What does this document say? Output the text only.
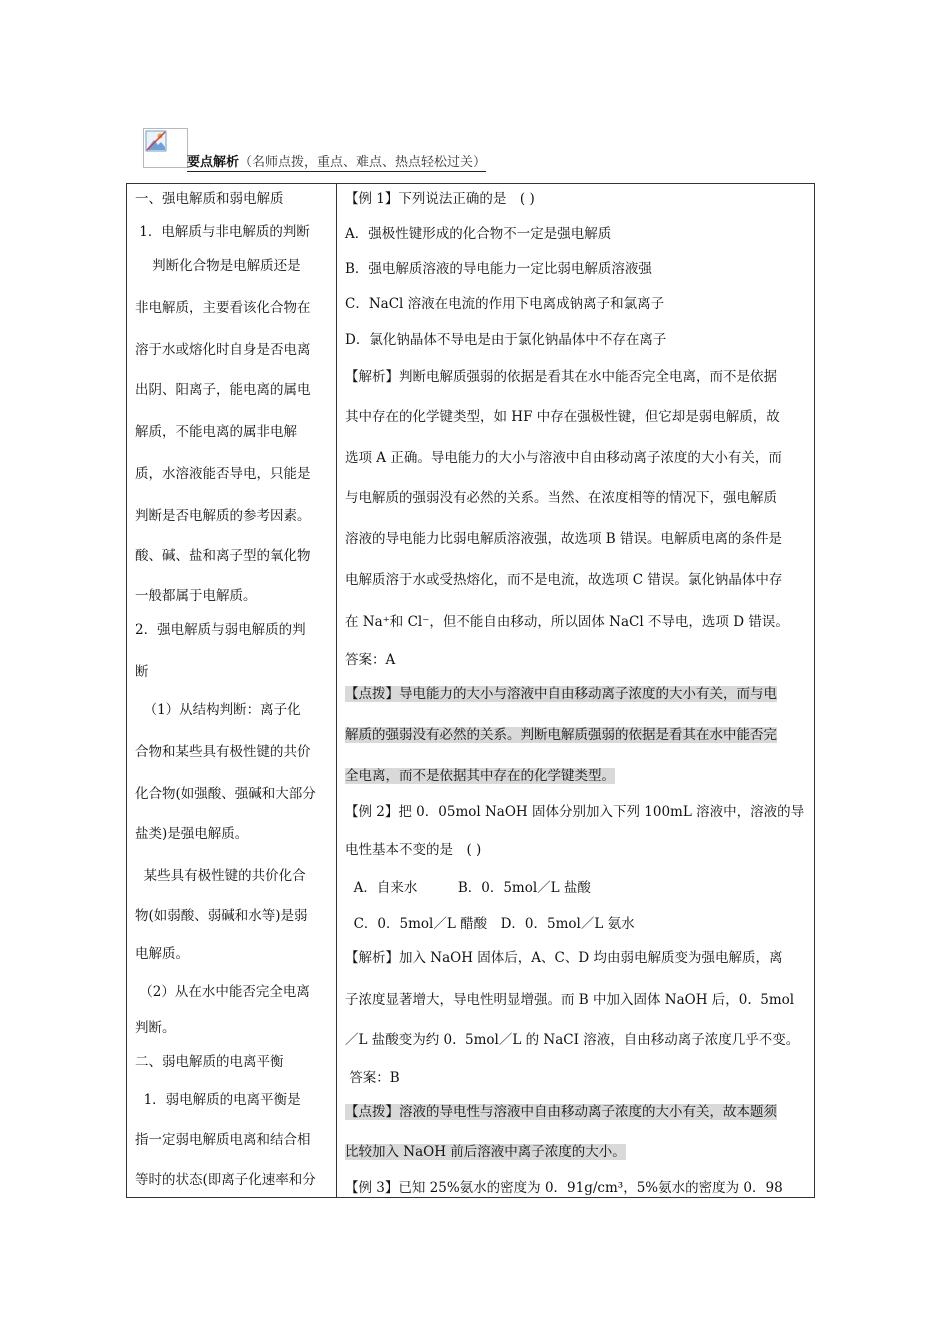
要点解析（名师点拨，重点、难点、热点轻松过关）
一、强电解质和弱电解质
1．电解质与非电解质的判断
判断化合物是电解质还是
非电解质，主要看该化合物在
溶于水或熔化时自身是否电离
出阴、阳离子，能电离的属电
解质，不能电离的属非电解
质，水溶液能否导电，只能是
判断是否电解质的参考因素。
酸、碱、盐和离子型的氧化物
一般都属于电解质。
2．强电解质与弱电解质的判
断
（1）从结构判断：离子化
合物和某些具有极性键的共价
化合物(如强酸、强碱和大部分
盐类)是强电解质。
某些具有极性键的共价化合
物(如弱酸、弱碱和水等)是弱
电解质。
（2）从在水中能否完全电离
判断。
二、弱电解质的电离平衡
1．弱电解质的电离平衡是
指一定弱电解质电离和结合相
等时的状态(即离子化速率和分
【例 1】下列说法正确的是　( )
A．强极性键形成的化合物不一定是强电解质
B．强电解质溶液的导电能力一定比弱电解质溶液强
C．NaCl 溶液在电流的作用下电离成钠离子和氯离子
D．氯化钠晶体不导电是由于氯化钠晶体中不存在离子
【解析】判断电解质强弱的依据是看其在水中能否完全电离，而不是依据
其中存在的化学键类型，如 HF 中存在强极性键，但它却是弱电解质，故
选项 A 正确。导电能力的大小与溶液中自由移动离子浓度的大小有关，而
与电解质的强弱没有必然的关系。当然、在浓度相等的情况下，强电解质
溶液的导电能力比弱电解质溶液强，故选项 B 错误。电解质电离的条件是
电解质溶于水或受热熔化，而不是电流，故选项 C 错误。氯化钠晶体中存
在 Na⁺和 Cl⁻，但不能自由移动，所以固体 NaCl 不导电，选项 D 错误。
答案：A
【点拨】导电能力的大小与溶液中自由移动离子浓度的大小有关，而与电
解质的强弱没有必然的关系。判断电解质强弱的依据是看其在水中能否完
全电离，而不是依据其中存在的化学键类型。
【例 2】把 0．05mol NaOH 固体分别加入下列 100mL 溶液中，溶液的导
电性基本不变的是　( )
A．自来水　　　B．0．5mol／L 盐酸
C．0．5mol／L 醋酸　D．0．5mol／L 氨水
【解析】加入 NaOH 固体后，A、C、D 均由弱电解质变为强电解质，离
子浓度显著增大，导电性明显增强。而 B 中加入固体 NaOH 后，0.  5mol
／L 盐酸变为约 0.  5mol／L 的 NaCI 溶液，自由移动离子浓度几乎不变。
答案：B
【点拨】溶液的导电性与溶液中自由移动离子浓度的大小有关，故本题须
比较加入 NaOH 前后溶液中离子浓度的大小。
【例 3】已知 25%氨水的密度为 0．91g/cm³，5%氨水的密度为 0．98
